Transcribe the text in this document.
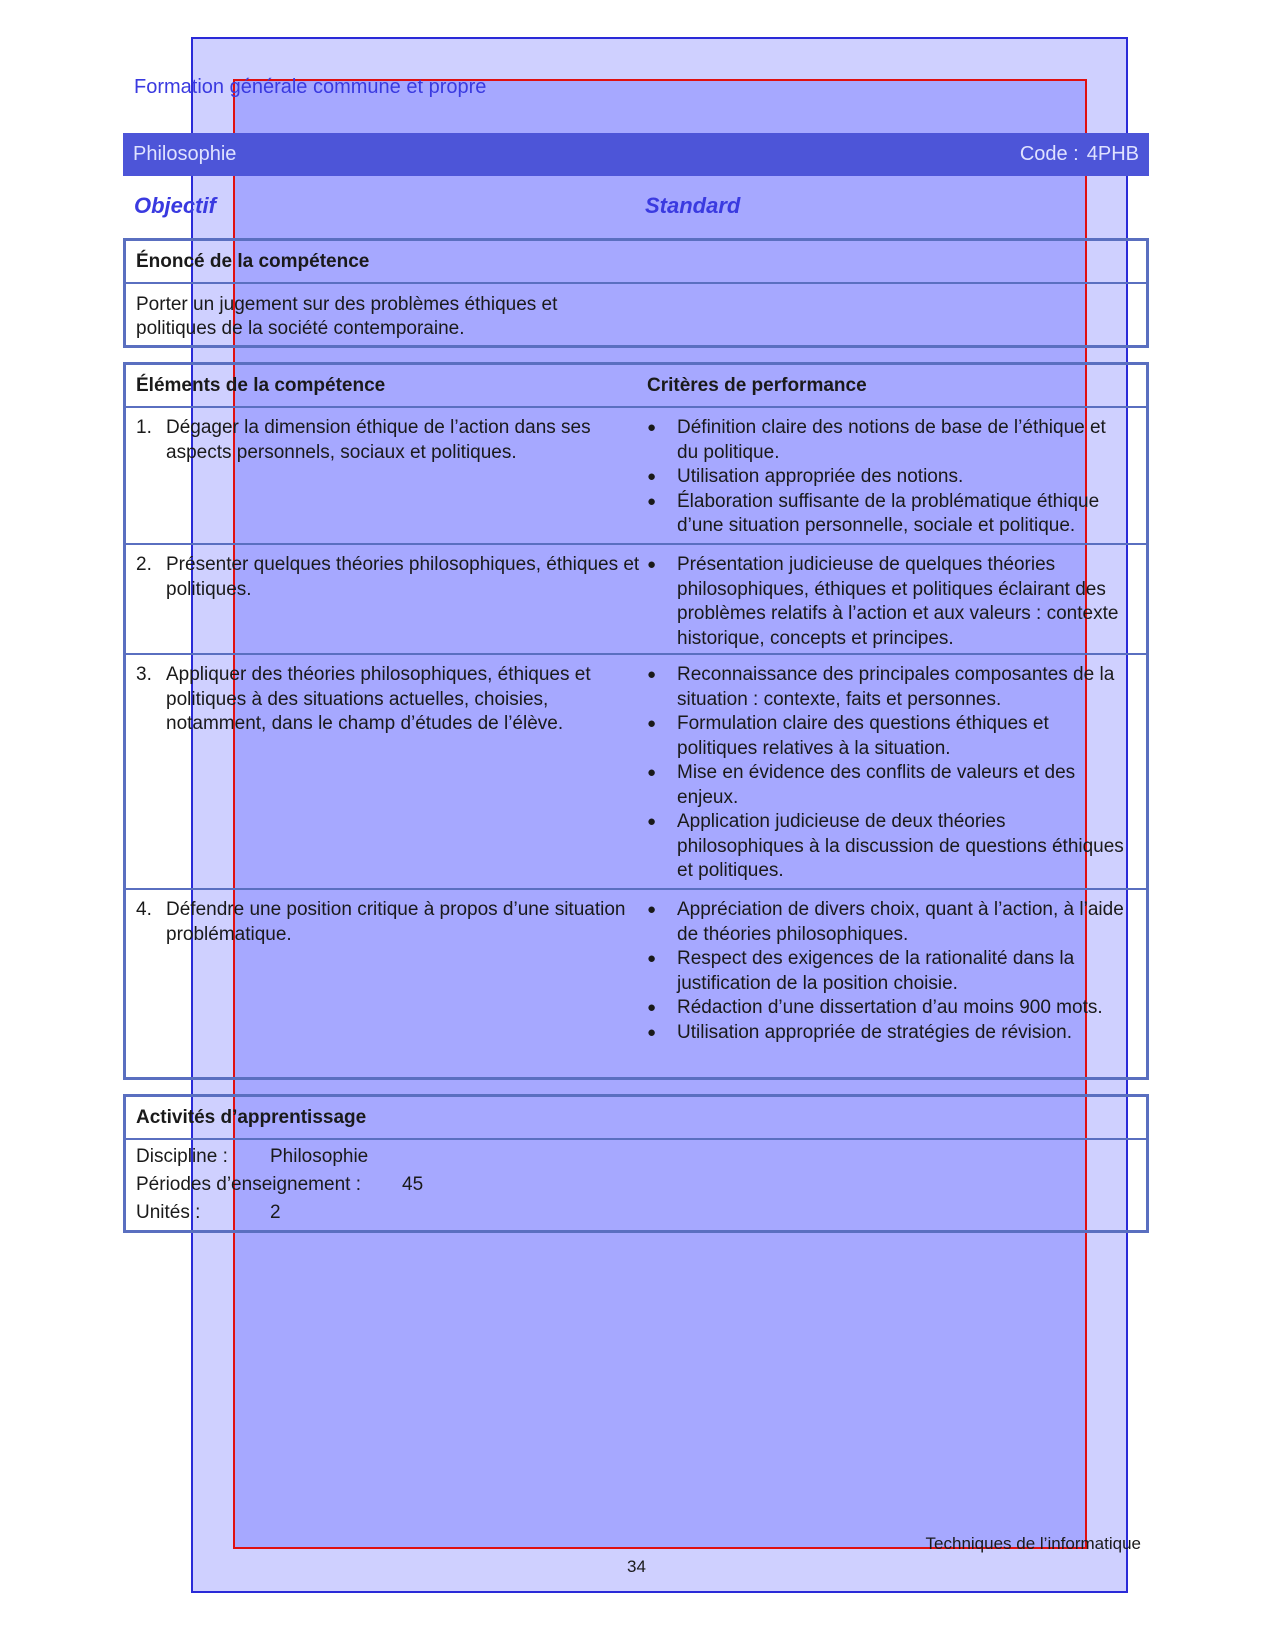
Formation générale commune et propre
Philosophie	Code : 4PHB
Objectif	Standard
Énoncé de la compétence
Porter un jugement sur des problèmes éthiques et politiques de la société contemporaine.
Éléments de la compétence	Critères de performance
1. Dégager la dimension éthique de l’action dans ses aspects personnels, sociaux et politiques.
●	Définition claire des notions de base de l’éthique et du politique.
●	Utilisation appropriée des notions.
●	Élaboration suffisante de la problématique éthique d’une situation personnelle, sociale et politique.
2. Présenter quelques théories philosophiques, éthiques et politiques.
●	Présentation judicieuse de quelques théories philosophiques, éthiques et politiques éclairant des problèmes relatifs à l’action et aux valeurs : contexte historique, concepts et principes.
3. Appliquer des théories philosophiques, éthiques et politiques à des situations actuelles, choisies, notamment, dans le champ d’études de l’élève.
●	Reconnaissance des principales composantes de la situation : contexte, faits et personnes.
●	Formulation claire des questions éthiques et politiques relatives à la situation.
●	Mise en évidence des conflits de valeurs et des enjeux.
●	Application judicieuse de deux théories philosophiques à la discussion de questions éthiques et politiques.
4. Défendre une position critique à propos d’une situation problématique.
●	Appréciation de divers choix, quant à l’action, à l’aide de théories philosophiques.
●	Respect des exigences de la rationalité dans la justification de la position choisie.
●	Rédaction d’une dissertation d’au moins 900 mots.
●	Utilisation appropriée de stratégies de révision.
Activités d’apprentissage
Discipline :	Philosophie
Périodes d’enseignement :	45
Unités :	2
Techniques de l’informatique
34
